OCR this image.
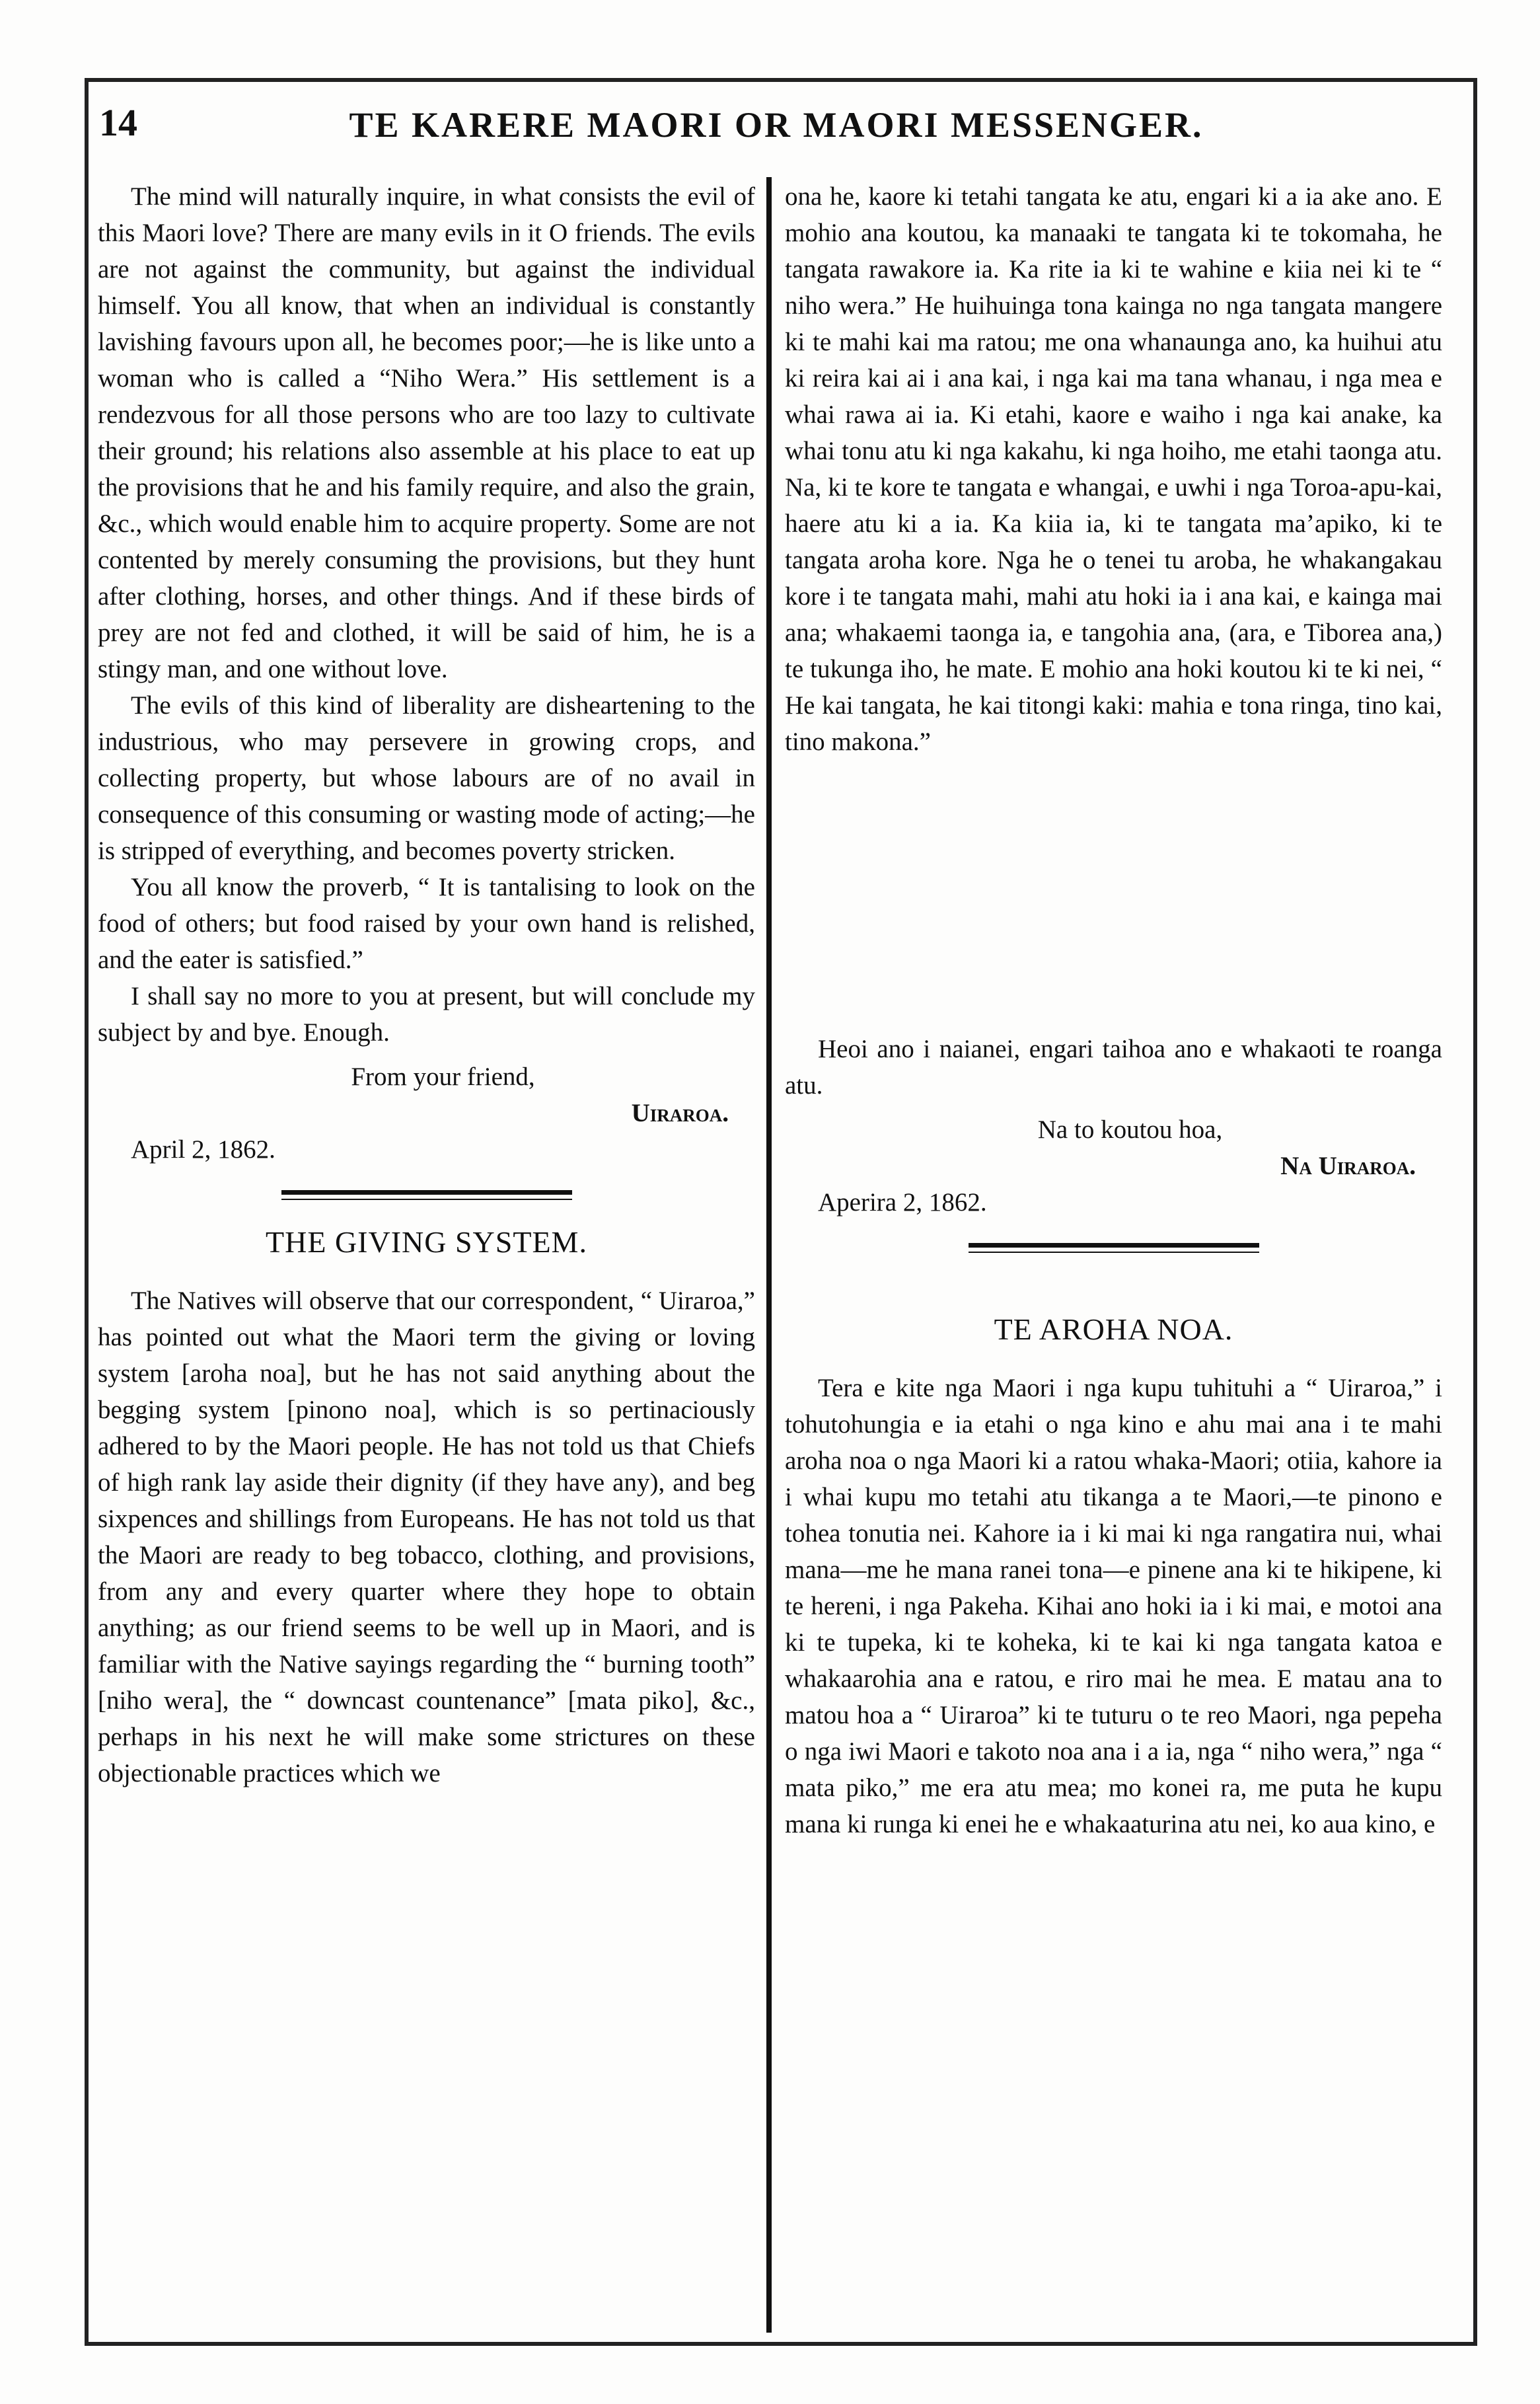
14	TE KARERE MAORI OR MAORI MESSENGER.

The mind will naturally inquire, in what consists the evil of this Maori love? There are many evils in it O friends. The evils are not against the community, but against the individual himself. You all know, that when an individual is constantly lavishing favours upon all, he becomes poor;—he is like unto a woman who is called a “Niho Wera.” His settlement is a rendezvous for all those persons who are too lazy to cultivate their ground; his relations also assemble at his place to eat up the provisions that he and his family require, and also the grain, &c., which would enable him to acquire property. Some are not contented by merely consuming the provisions, but they hunt after clothing, horses, and other things. And if these birds of prey are not fed and clothed, it will be said of him, he is a stingy man, and one without love.

The evils of this kind of liberality are disheartening to the industrious, who may persevere in growing crops, and collecting property, but whose labours are of no avail in consequence of this consuming or wasting mode of acting;—he is stripped of everything, and becomes poverty stricken.

You all know the proverb, “ It is tantalising to look on the food of others; but food raised by your own hand is relished, and the eater is satisfied.”

I shall say no more to you at present, but will conclude my subject by and bye. Enough.

From your friend,

Uiraroa.

April 2, 1862.

THE GIVING SYSTEM.

The Natives will observe that our correspondent, “ Uiraroa,” has pointed out what the Maori term the giving or loving system [aroha noa], but he has not said anything about the begging system [pinono noa], which is so pertinaciously adhered to by the Maori people. He has not told us that Chiefs of high rank lay aside their dignity (if they have any), and beg sixpences and shillings from Europeans. He has not told us that the Maori are ready to beg tobacco, clothing, and provisions, from any and every quarter where they hope to obtain anything; as our friend seems to be well up in Maori, and is familiar with the Native sayings regarding the “ burning tooth” [niho wera], the “ downcast countenance” [mata piko], &c., perhaps in his next he will make some strictures on these objectionable practices which we

ona he, kaore ki tetahi tangata ke atu, engari ki a ia ake ano. E mohio ana koutou, ka manaaki te tangata ki te tokomaha, he tangata rawakore ia. Ka rite ia ki te wahine e kiia nei ki te “ niho wera.” He huihuinga tona kainga no nga tangata mangere ki te mahi kai ma ratou; me ona whanaunga ano, ka huihui atu ki reira kai ai i ana kai, i nga kai ma tana whanau, i nga mea e whai rawa ai ia. Ki etahi, kaore e waiho i nga kai anake, ka whai tonu atu ki nga kakahu, ki nga hoiho, me etahi taonga atu. Na, ki te kore te tangata e whangai, e uwhi i nga Toroa-apu-kai, haere atu ki a ia. Ka kiia ia, ki te tangata ma’apiko, ki te tangata aroha kore. Nga he o tenei tu aroba, he whakangakau kore i te tangata mahi, mahi atu hoki ia i ana kai, e kainga mai ana; whakaemi taonga ia, e tangohia ana, (ara, e Tiborea ana,) te tukunga iho, he mate. E mohio ana hoki koutou ki te ki nei, “ He kai tangata, he kai titongi kaki: mahia e tona ringa, tino kai, tino makona.”

Heoi ano i naianei, engari taihoa ano e whakaoti te roanga atu.

Na to koutou hoa,

Na Uiraroa.

Aperira 2, 1862.

TE AROHA NOA.

Tera e kite nga Maori i nga kupu tuhituhi a “ Uiraroa,” i tohutohungia e ia etahi o nga kino e ahu mai ana i te mahi aroha noa o nga Maori ki a ratou whaka-Maori; otiia, kahore ia i whai kupu mo tetahi atu tikanga a te Maori,—te pinono e tohea tonutia nei. Kahore ia i ki mai ki nga rangatira nui, whai mana—me he mana ranei tona—e pinene ana ki te hikipene, ki te hereni, i nga Pakeha. Kihai ano hoki ia i ki mai, e motoi ana ki te tupeka, ki te koheka, ki te kai ki nga tangata katoa e whakaarohia ana e ratou, e riro mai he mea. E matau ana to matou hoa a “ Uiraroa” ki te tuturu o te reo Maori, nga pepeha o nga iwi Maori e takoto noa ana i a ia, nga “ niho wera,” nga “ mata piko,” me era atu mea; mo konei ra, me puta he kupu mana ki runga ki enei he e whakaaturina atu nei, ko aua kino, e
